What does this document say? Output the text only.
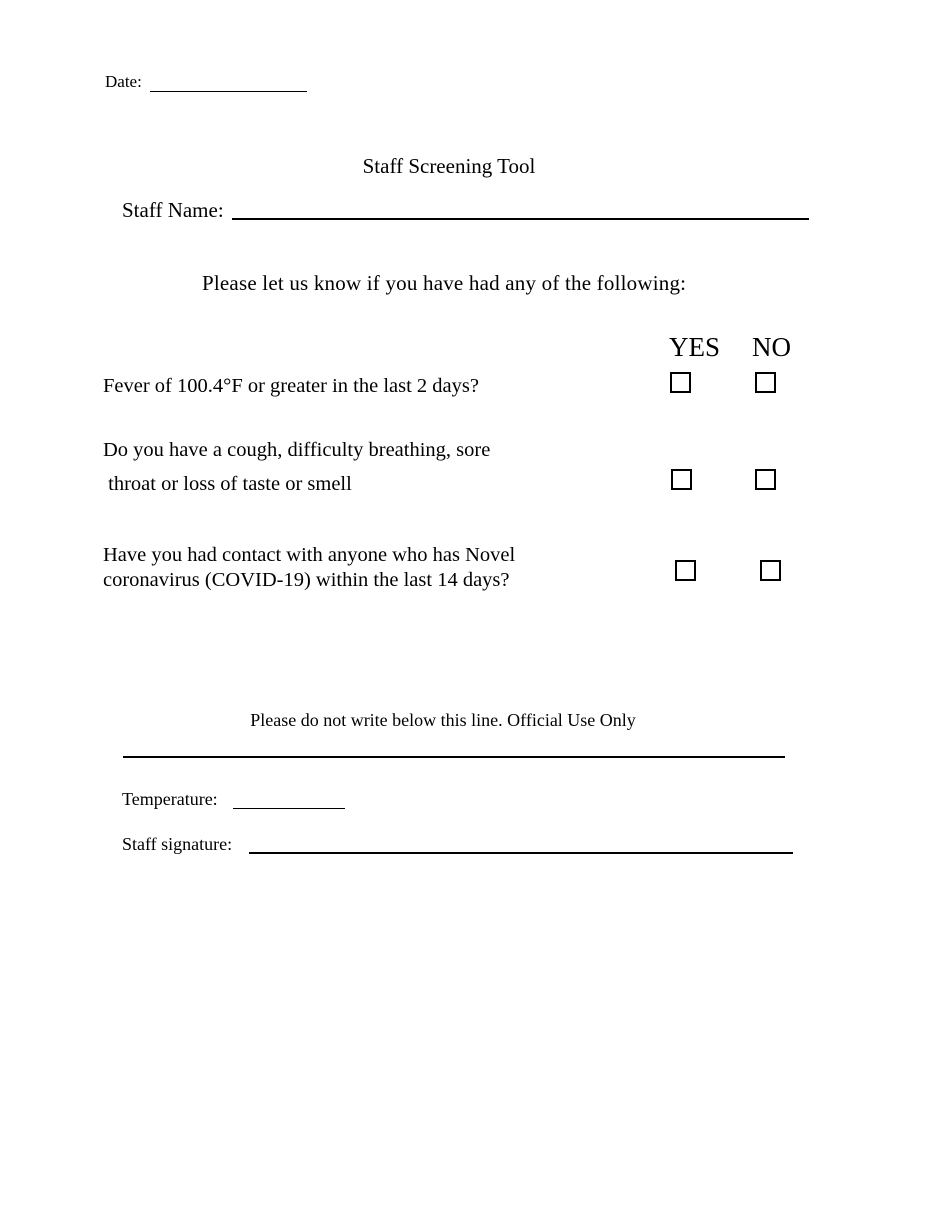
Date:
Staff Screening Tool
Staff Name:
Please let us know if you have had any of the following:
YES NO
Fever of 100.4°F or greater in the last 2 days?
Do you have a cough, difficulty breathing, sore
throat or loss of taste or smell
Have you had contact with anyone who has Novel
coronavirus (COVID-19) within the last 14 days?
Please do not write below this line. Official Use Only
Temperature:
Staff signature:
